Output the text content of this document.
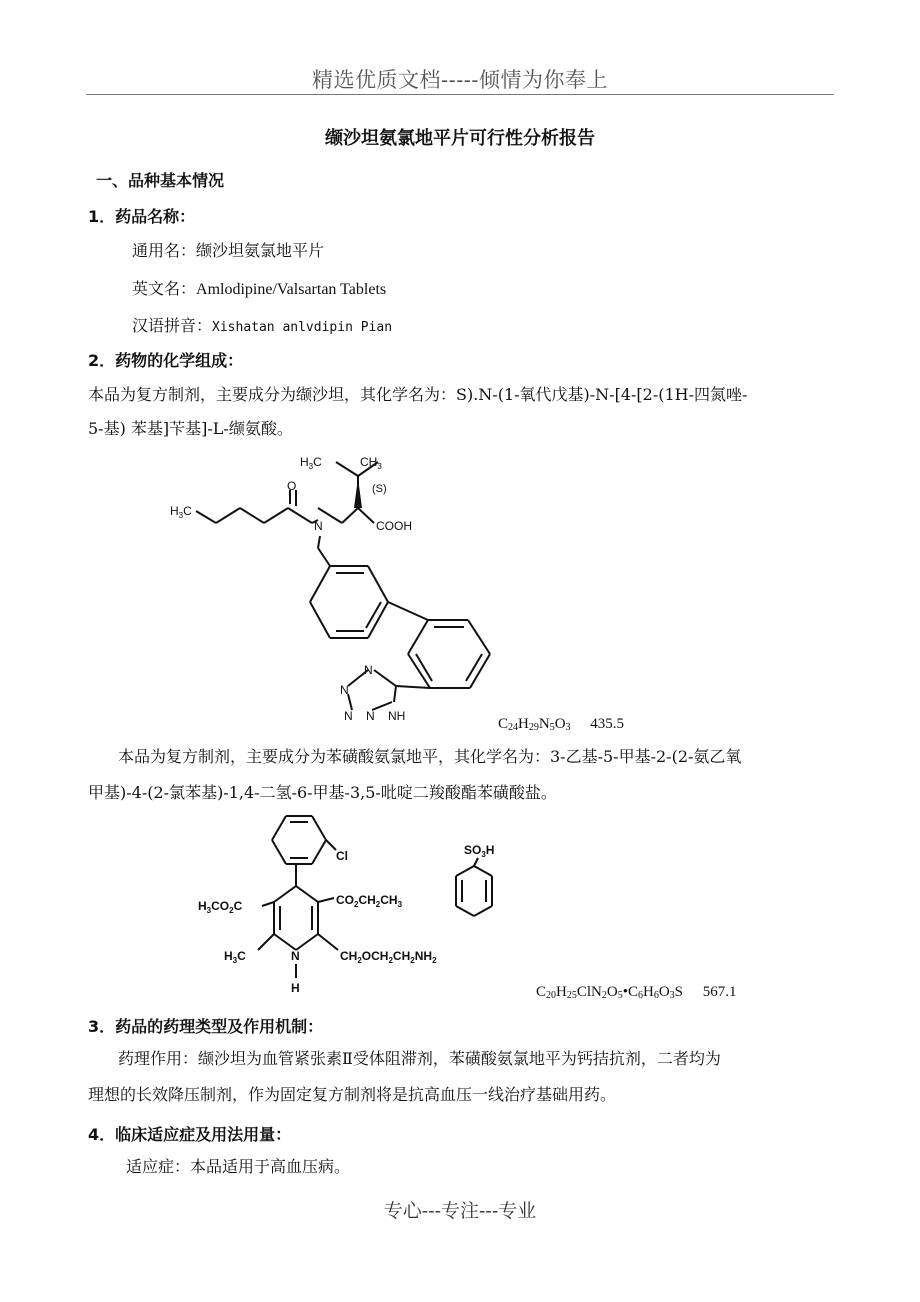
精选优质文档-----倾情为你奉上
缬沙坦氨氯地平片可行性分析报告
一、品种基本情况
1．药品名称：
通用名：缬沙坦氨氯地平片
英文名：Amlodipine/Valsartan Tablets
汉语拼音：Xishatan anlvdipin Pian
2．药物的化学组成：
本品为复方制剂，主要成分为缬沙坦，其化学名为：S).N-(1-氧代戊基)-N-[4-[2-(1H-四氮唑-
5-基) 苯基]苄基]-L-缬氨酸。
$H_3C$
O
N	COOH
$H_3C$	$CH_3$
(S)
N
N
N N NH	$C_{24}H_{29}N_5O_3$ 435.5
本品为复方制剂，主要成分为苯磺酸氨氯地平，其化学名为：3-乙基-5-甲基-2-(2-氨乙氧
甲基)-4-(2-氯苯基)-1,4-二氢-6-甲基-3,5-吡啶二羧酸酯苯磺酸盐。
Cl
$H_3CO_2C$	$CO_2CH_2CH_3$
$H_3C$	N
H
$CH_2OCH_2CH_2NH_2$
$SO_3H$
$C_{20}H_{25}ClN_2O_5•C_6H_6O_3S$ 567.1
3．药品的药理类型及作用机制：
药理作用：缬沙坦为血管紧张素Ⅱ受体阻滞剂，苯磺酸氨氯地平为钙拮抗剂，二者均为
理想的长效降压制剂，作为固定复方制剂将是抗高血压一线治疗基础用药。
4．临床适应症及用法用量：
适应症：本品适用于高血压病。
专心---专注---专业
